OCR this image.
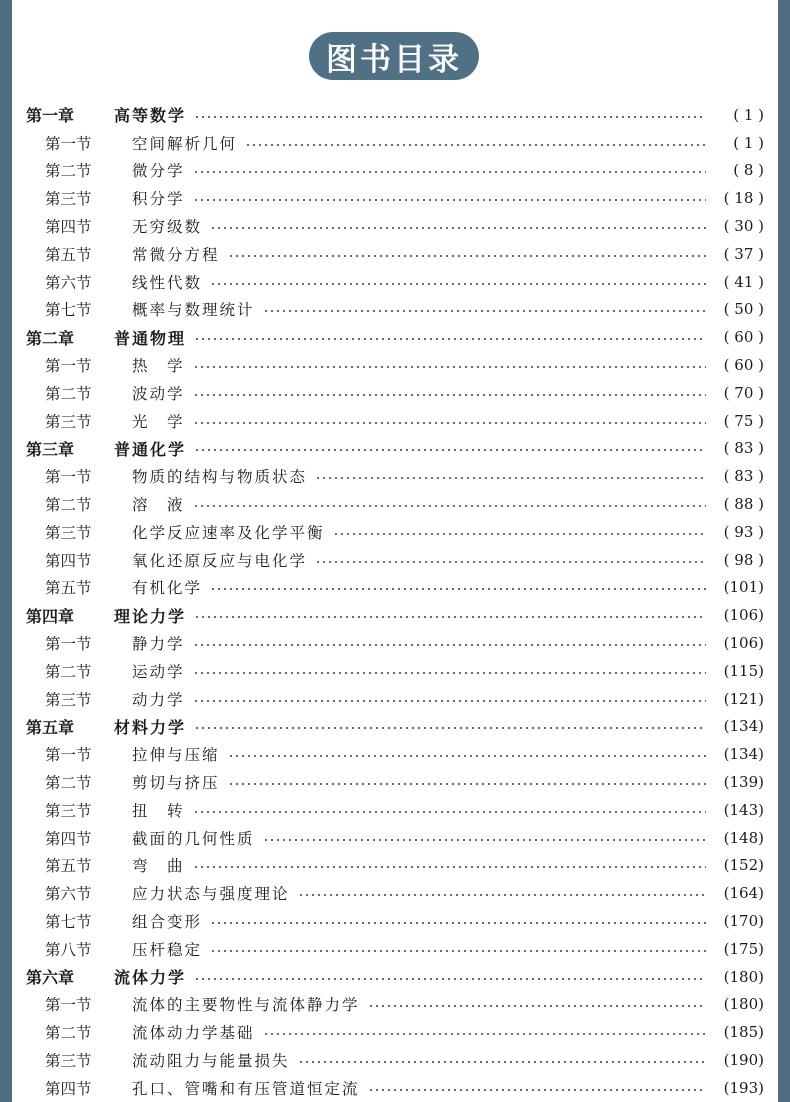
图书目录
第一章	高等数学	( 1 )
第一节	空间解析几何	( 1 )
第二节	微分学	( 8 )
第三节	积分学	( 18 )
第四节	无穷级数	( 30 )
第五节	常微分方程	( 37 )
第六节	线性代数	( 41 )
第七节	概率与数理统计	( 50 )
第二章	普通物理	( 60 )
第一节	热　学	( 60 )
第二节	波动学	( 70 )
第三节	光　学	( 75 )
第三章	普通化学	( 83 )
第一节	物质的结构与物质状态	( 83 )
第二节	溶　液	( 88 )
第三节	化学反应速率及化学平衡	( 93 )
第四节	氧化还原反应与电化学	( 98 )
第五节	有机化学	(101)
第四章	理论力学	(106)
第一节	静力学	(106)
第二节	运动学	(115)
第三节	动力学	(121)
第五章	材料力学	(134)
第一节	拉伸与压缩	(134)
第二节	剪切与挤压	(139)
第三节	扭　转	(143)
第四节	截面的几何性质	(148)
第五节	弯　曲	(152)
第六节	应力状态与强度理论	(164)
第七节	组合变形	(170)
第八节	压杆稳定	(175)
第六章	流体力学	(180)
第一节	流体的主要物性与流体静力学	(180)
第二节	流体动力学基础	(185)
第三节	流动阻力与能量损失	(190)
第四节	孔口、管嘴和有压管道恒定流	(193)
